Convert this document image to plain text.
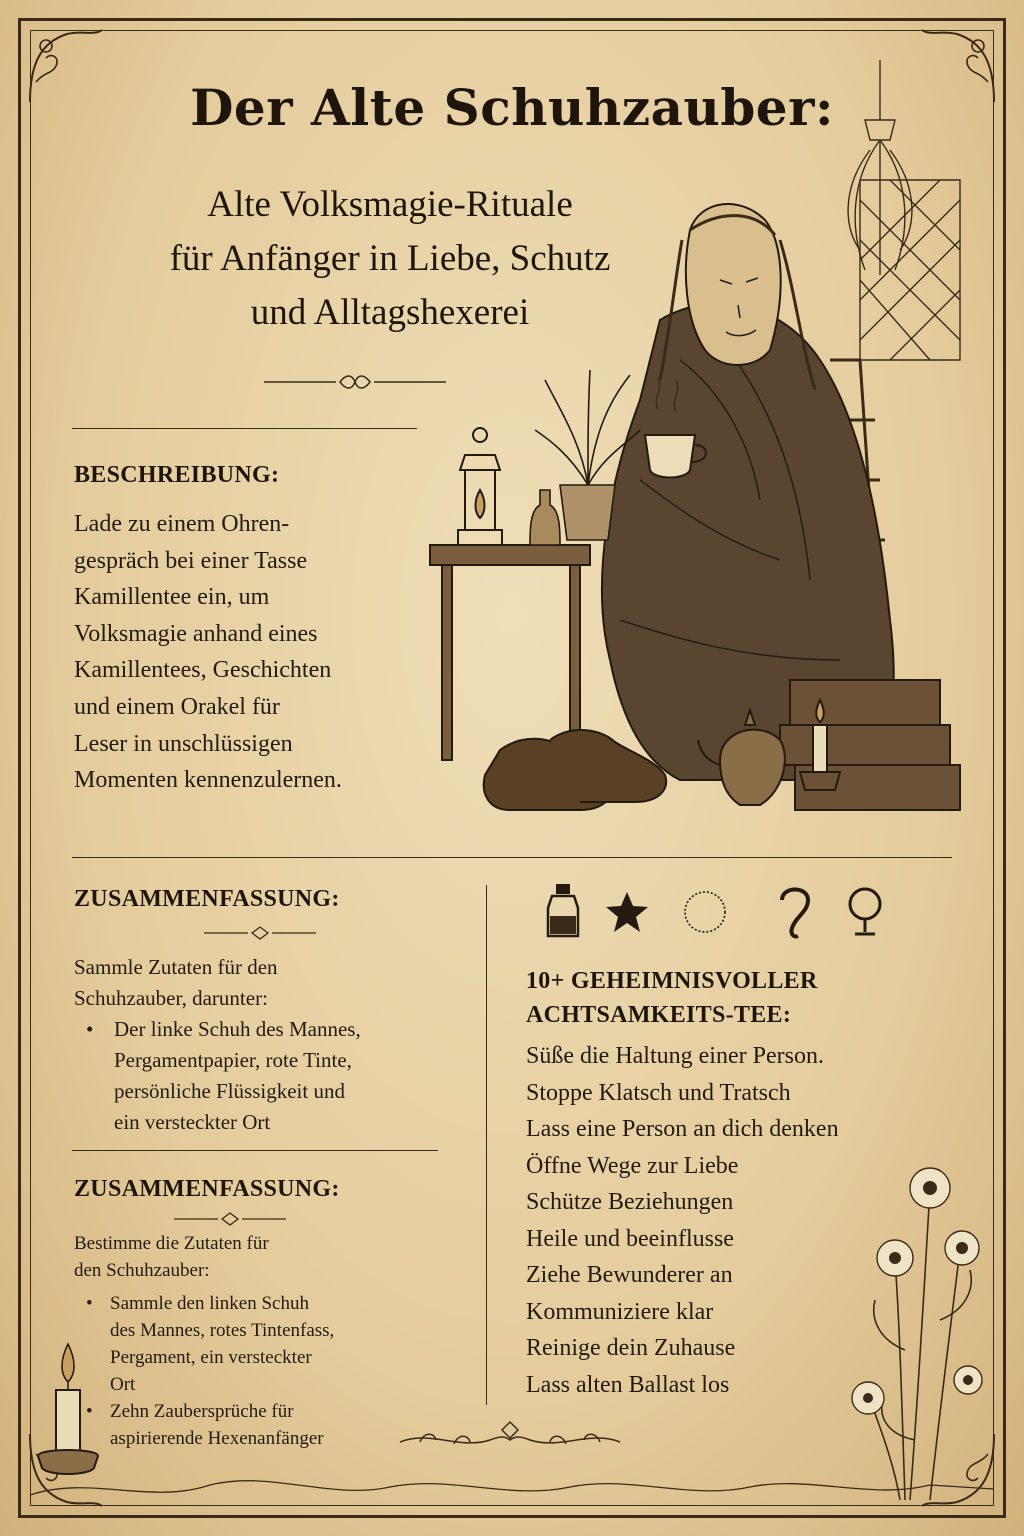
Der Alte Schuhzauber:
Alte Volksmagie-Rituale
für Anfänger in Liebe, Schutz
und Alltagshexerei
BESCHREIBUNG:
Lade zu einem Ohren-
gespräch bei einer Tasse
Kamillentee ein, um
Volksmagie anhand eines
Kamillentees, Geschichten
und einem Orakel für
Leser in unschlüssigen
Momenten kennenzulernen.
ZUSAMMENFASSUNG:
Sammle Zutaten für den
Schuhzauber, darunter:
• Der linke Schuh des Mannes,
Pergamentpapier, rote Tinte,
persönliche Flüssigkeit und
ein versteckter Ort
ZUSAMMENFASSUNG:
Bestimme die Zutaten für
den Schuhzauber:
• Sammle den linken Schuh
des Mannes, rotes Tintenfass,
Pergament, ein versteckter
Ort
• Zehn Zaubersprüche für
aspirierende Hexenanfänger
10+ GEHEIMNISVOLLER
ACHTSAMKEITS-TEE:
Süße die Haltung einer Person.
Stoppe Klatsch und Tratsch
Lass eine Person an dich denken
Öffne Wege zur Liebe
Schütze Beziehungen
Heile und beeinflusse
Ziehe Bewunderer an
Kommuniziere klar
Reinige dein Zuhause
Lass alten Ballast los
